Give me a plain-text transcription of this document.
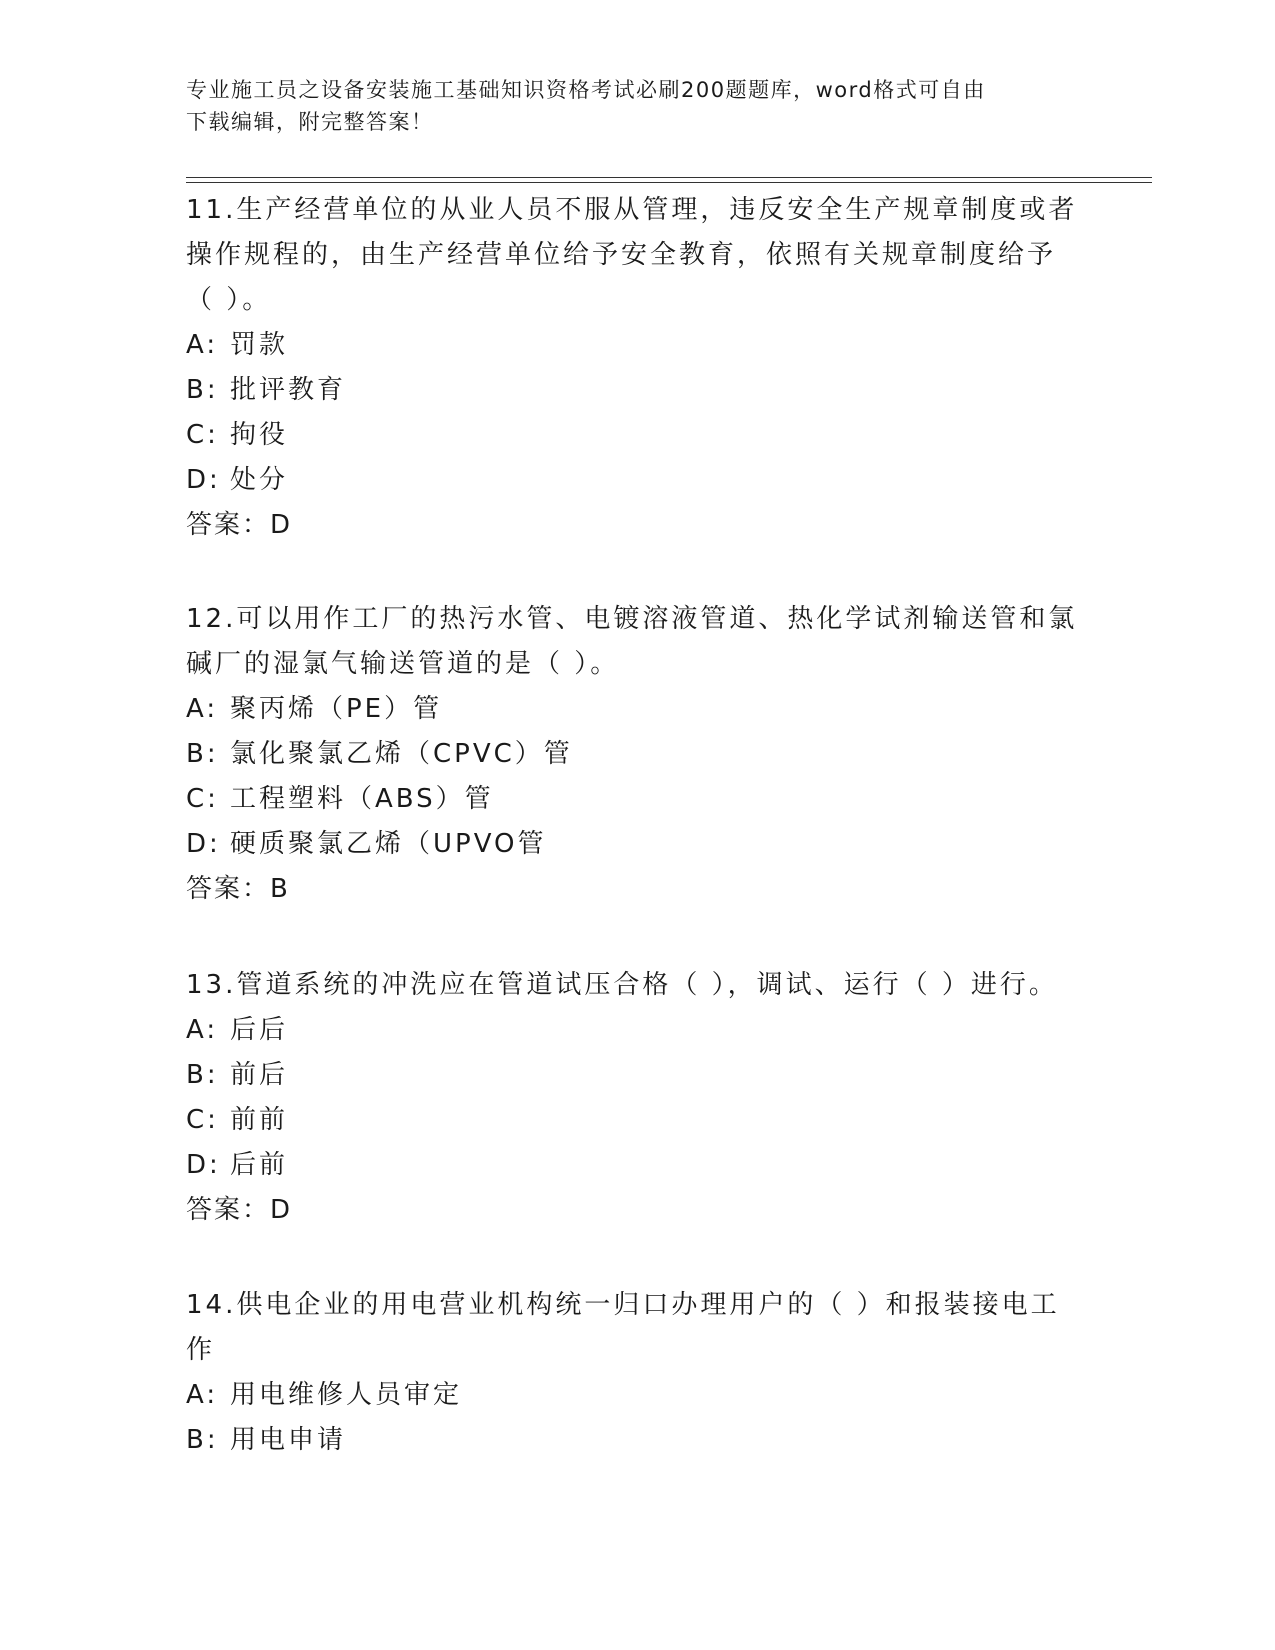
专业施工员之设备安装施工基础知识资格考试必刷200题题库，word格式可自由
下载编辑，附完整答案！
11.生产经营单位的从业人员不服从管理，违反安全生产规章制度或者
操作规程的，由生产经营单位给予安全教育，依照有关规章制度给予
（ ）。
A: 罚款
B: 批评教育
C: 拘役
D: 处分
答案：D
12.可以用作工厂的热污水管、电镀溶液管道、热化学试剂输送管和氯
碱厂的湿氯气输送管道的是（ ）。
A: 聚丙烯（PE）管
B: 氯化聚氯乙烯（CPVC）管
C: 工程塑料（ABS）管
D: 硬质聚氯乙烯（UPVO管
答案：B
13.管道系统的冲洗应在管道试压合格（ ），调试、运行（ ）进行。
A: 后后
B: 前后
C: 前前
D: 后前
答案：D
14.供电企业的用电营业机构统一归口办理用户的（ ）和报装接电工
作
A: 用电维修人员审定
B: 用电申请
